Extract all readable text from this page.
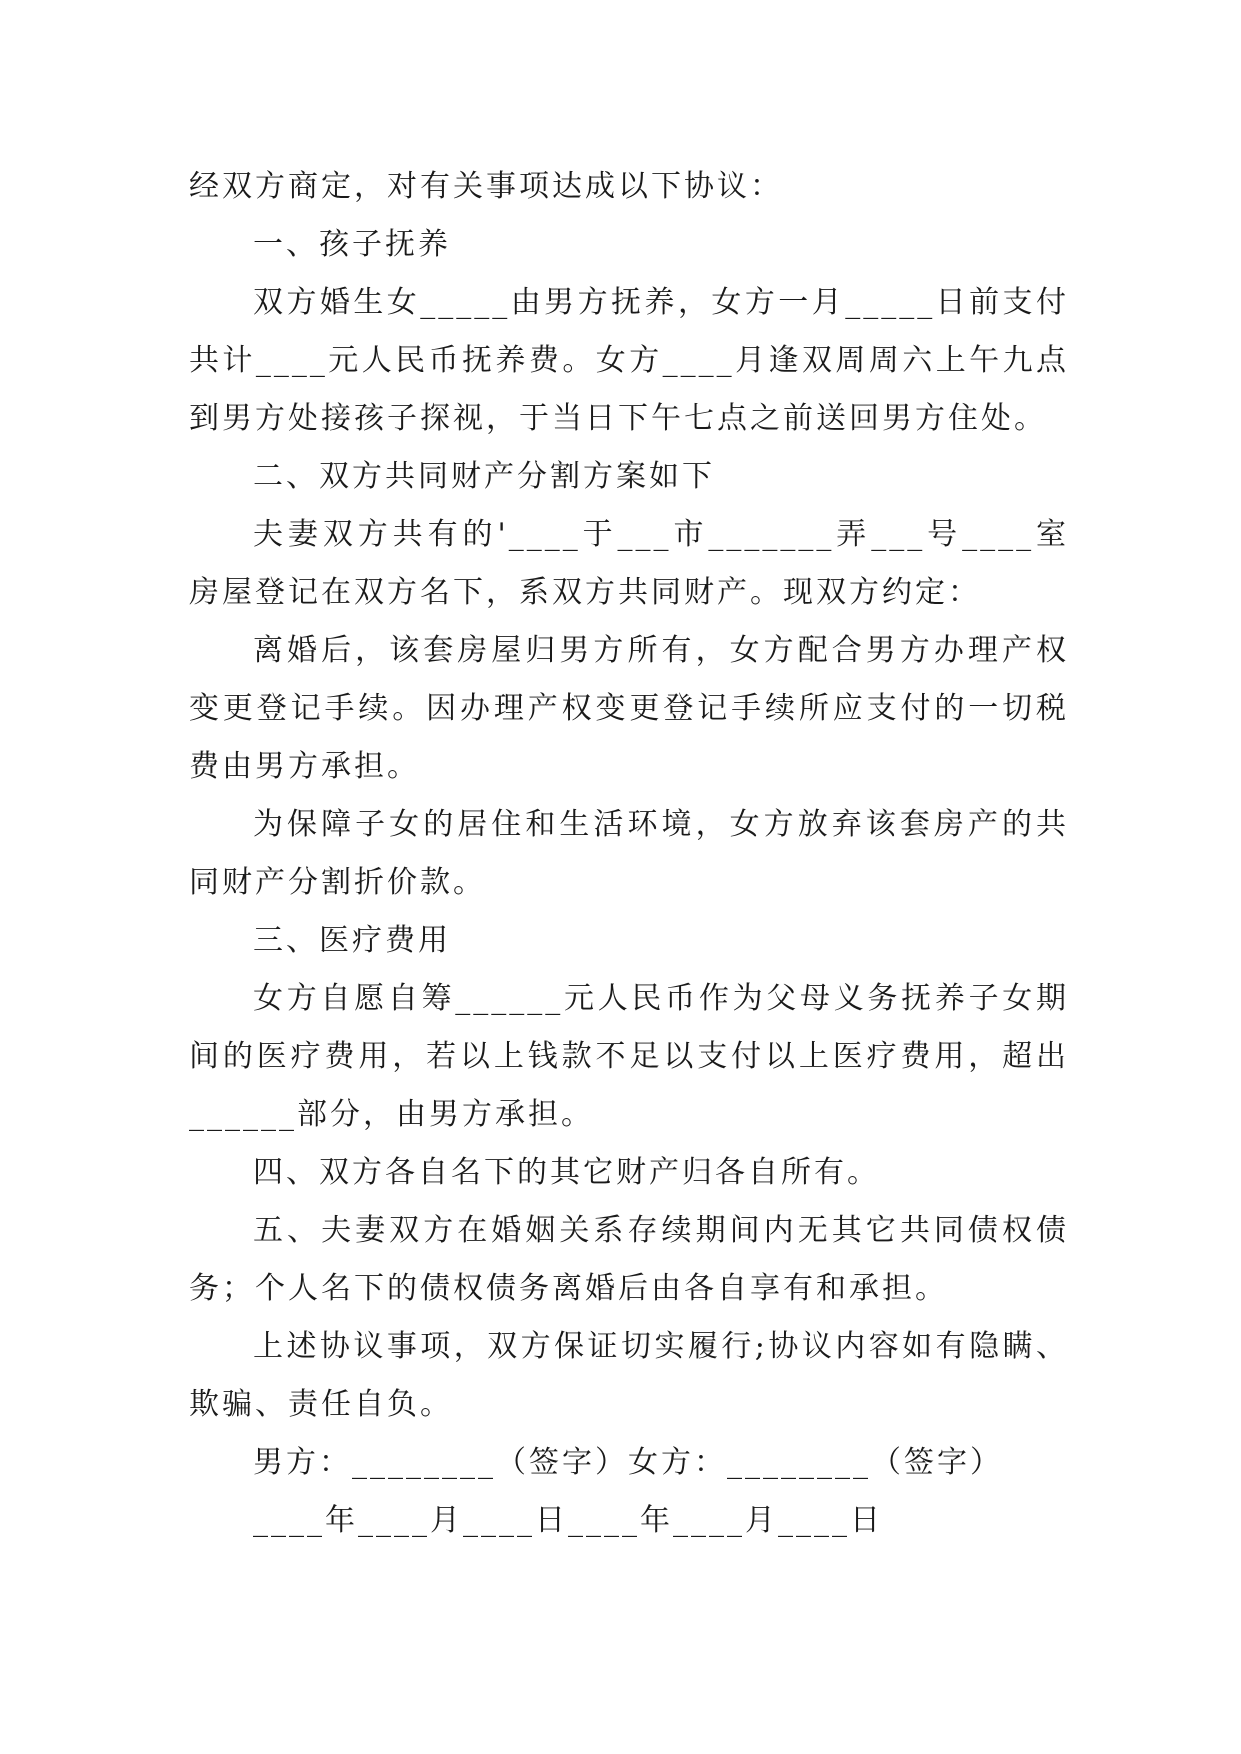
经双方商定，对有关事项达成以下协议：

一、孩子抚养

双方婚生女_____由男方抚养，女方一月_____日前支付共计____元人民币抚养费。女方____月逢双周周六上午九点到男方处接孩子探视，于当日下午七点之前送回男方住处。

二、双方共同财产分割方案如下

夫妻双方共有的'____于___市_______弄___号____室房屋登记在双方名下，系双方共同财产。现双方约定：

离婚后，该套房屋归男方所有，女方配合男方办理产权变更登记手续。因办理产权变更登记手续所应支付的一切税费由男方承担。

为保障子女的居住和生活环境，女方放弃该套房产的共同财产分割折价款。

三、医疗费用

女方自愿自筹______元人民币作为父母义务抚养子女期间的医疗费用，若以上钱款不足以支付以上医疗费用，超出______部分，由男方承担。

四、双方各自名下的其它财产归各自所有。

五、夫妻双方在婚姻关系存续期间内无其它共同债权债务；个人名下的债权债务离婚后由各自享有和承担。

上述协议事项，双方保证切实履行;协议内容如有隐瞒、欺骗、责任自负。

男方：________（签字）女方：________（签字）

____年____月____日____年____月____日
